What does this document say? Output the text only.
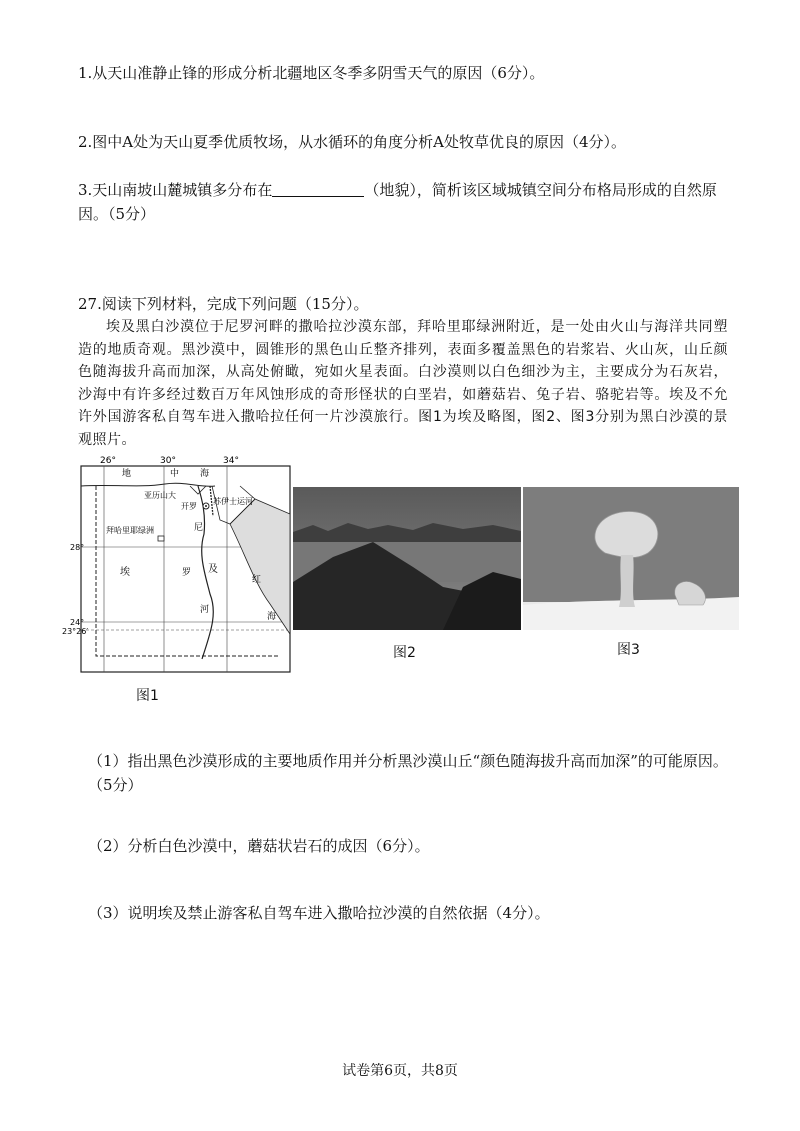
1.从天山准静止锋的形成分析北疆地区冬季多阴雪天气的原因（6分）。
2.图中A处为天山夏季优质牧场，从水循环的角度分析A处牧草优良的原因（4分）。
3.天山南坡山麓城镇多分布在	（地貌），简析该区域城镇空间分布格局形成的自然原因。（5分）
27.阅读下列材料，完成下列问题（15分）。
埃及黑白沙漠位于尼罗河畔的撒哈拉沙漠东部，拜哈里耶绿洲附近，是一处由火山与海洋共同塑造的地质奇观。黑沙漠中，圆锥形的黑色山丘整齐排列，表面多覆盖黑色的岩浆岩、火山灰，山丘颜色随海拔升高而加深，从高处俯瞰，宛如火星表面。白沙漠则以白色细沙为主，主要成分为石灰岩，沙海中有许多经过数百万年风蚀形成的奇形怪状的白垩岩，如蘑菇岩、兔子岩、骆驼岩等。埃及不允许外国游客私自驾车进入撒哈拉任何一片沙漠旅行。图1为埃及略图，图2、图3分别为黑白沙漠的景观照片。
26°	30°	34°
28°
24°
23°26′
地	中 海
亚历山大
开罗
苏伊士运河
拜哈里耶绿洲	尼
罗
河
埃	及
红
海
图1
图2	图3
（1）指出黑色沙漠形成的主要地质作用并分析黑沙漠山丘“颜色随海拔升高而加深”的可能原因。（5分）
（2）分析白色沙漠中，蘑菇状岩石的成因（6分）。
（3）说明埃及禁止游客私自驾车进入撒哈拉沙漠的自然依据（4分）。
试卷第6页，共8页
